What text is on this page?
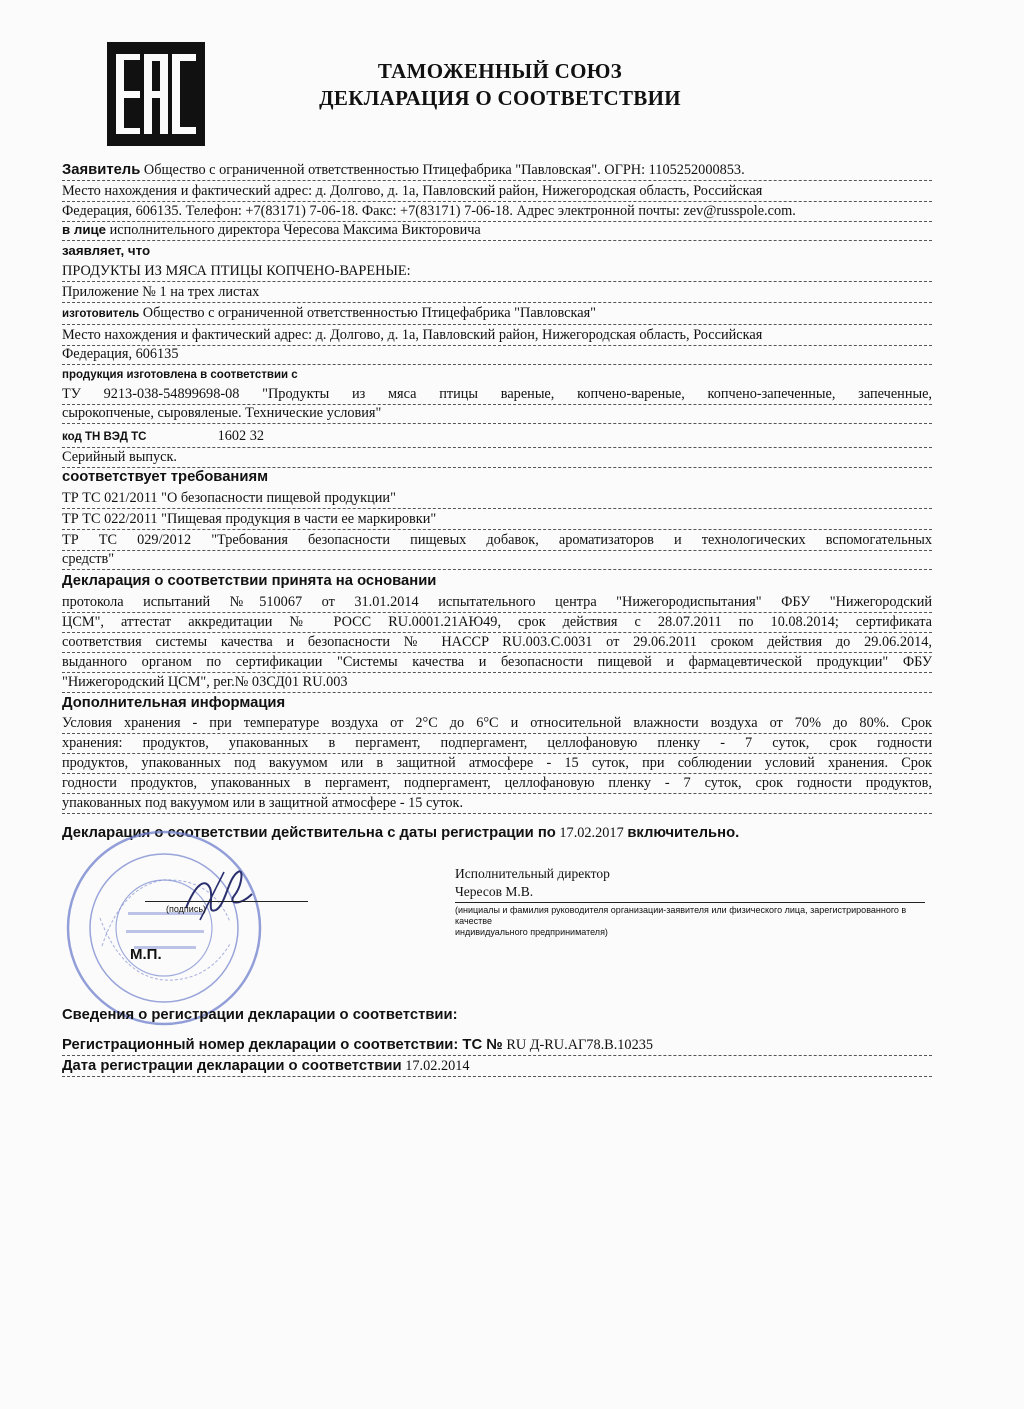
ТАМОЖЕННЫЙ СОЮЗ
ДЕКЛАРАЦИЯ О СООТВЕТСТВИИ
Заявитель Общество с ограниченной ответственностью Птицефабрика "Павловская". ОГРН: 1105252000853.
Место нахождения и фактический адрес: д. Долгово, д. 1а, Павловский район, Нижегородская область, Российская
Федерация, 606135. Телефон: +7(83171) 7-06-18. Факс: +7(83171) 7-06-18. Адрес электронной почты: zev@russpole.com.
в лице исполнительного директора Чересова Максима Викторовича
заявляет, что
ПРОДУКТЫ ИЗ МЯСА ПТИЦЫ КОПЧЕНО-ВАРЕНЫЕ:
Приложение № 1 на трех листах
изготовитель Общество с ограниченной ответственностью Птицефабрика "Павловская"
Место нахождения и фактический адрес: д. Долгово, д. 1а, Павловский район, Нижегородская область, Российская
Федерация, 606135
продукция изготовлена в соответствии с
ТУ 9213-038-54899698-08 "Продукты из мяса птицы вареные, копчено-вареные, копчено-запеченные, запеченные,
сырокопченые, сыровяленые. Технические условия"
код ТН ВЭД ТС	1602 32
Серийный выпуск.
соответствует требованиям
ТР ТС 021/2011 "О безопасности пищевой продукции"
ТР ТС 022/2011 "Пищевая продукция в части ее маркировки"
ТР ТС 029/2012 "Требования безопасности пищевых добавок, ароматизаторов и технологических вспомогательных
средств"
Декларация о соответствии принята на основании
протокола испытаний №510067 от 31.01.2014 испытательного центра "Нижегородиспытания" ФБУ "Нижегородский
ЦСМ", аттестат аккредитации № РОСС RU.0001.21АЮ49, срок действия с 28.07.2011 по 10.08.2014; сертификата
соответствия системы качества и безопасности № HACCP RU.003.C.0031 от 29.06.2011 сроком действия до 29.06.2014,
выданного органом по сертификации "Системы качества и безопасности пищевой и фармацевтической продукции" ФБУ
"Нижегородский ЦСМ", рег.№ 03СД01 RU.003
Дополнительная информация
Условия хранения - при температуре воздуха от 2°С до 6°С и относительной влажности воздуха от 70% до 80%. Срок
хранения: продуктов, упакованных в пергамент, подпергамент, целлофановую пленку - 7 суток, срок годности
продуктов, упакованных под вакуумом или в защитной атмосфере - 15 суток, при соблюдении условий хранения. Срок
годности продуктов, упакованных в пергамент, подпергамент, целлофановую пленку - 7 суток, срок годности продуктов,
упакованных под вакуумом или в защитной атмосфере - 15 суток.
Декларация о соответствии действительна с даты регистрации по 17.02.2017 включительно.
(подпись)
М.П.
Исполнительный директор
Чересов М.В.
(инициалы и фамилия руководителя организации-заявителя или физического лица, зарегистрированного в качестве
индивидуального предпринимателя)
Сведения о регистрации декларации о соответствии:
Регистрационный номер декларации о соответствии: ТС № RU Д-RU.АГ78.В.10235
Дата регистрации декларации о соответствии 17.02.2014
